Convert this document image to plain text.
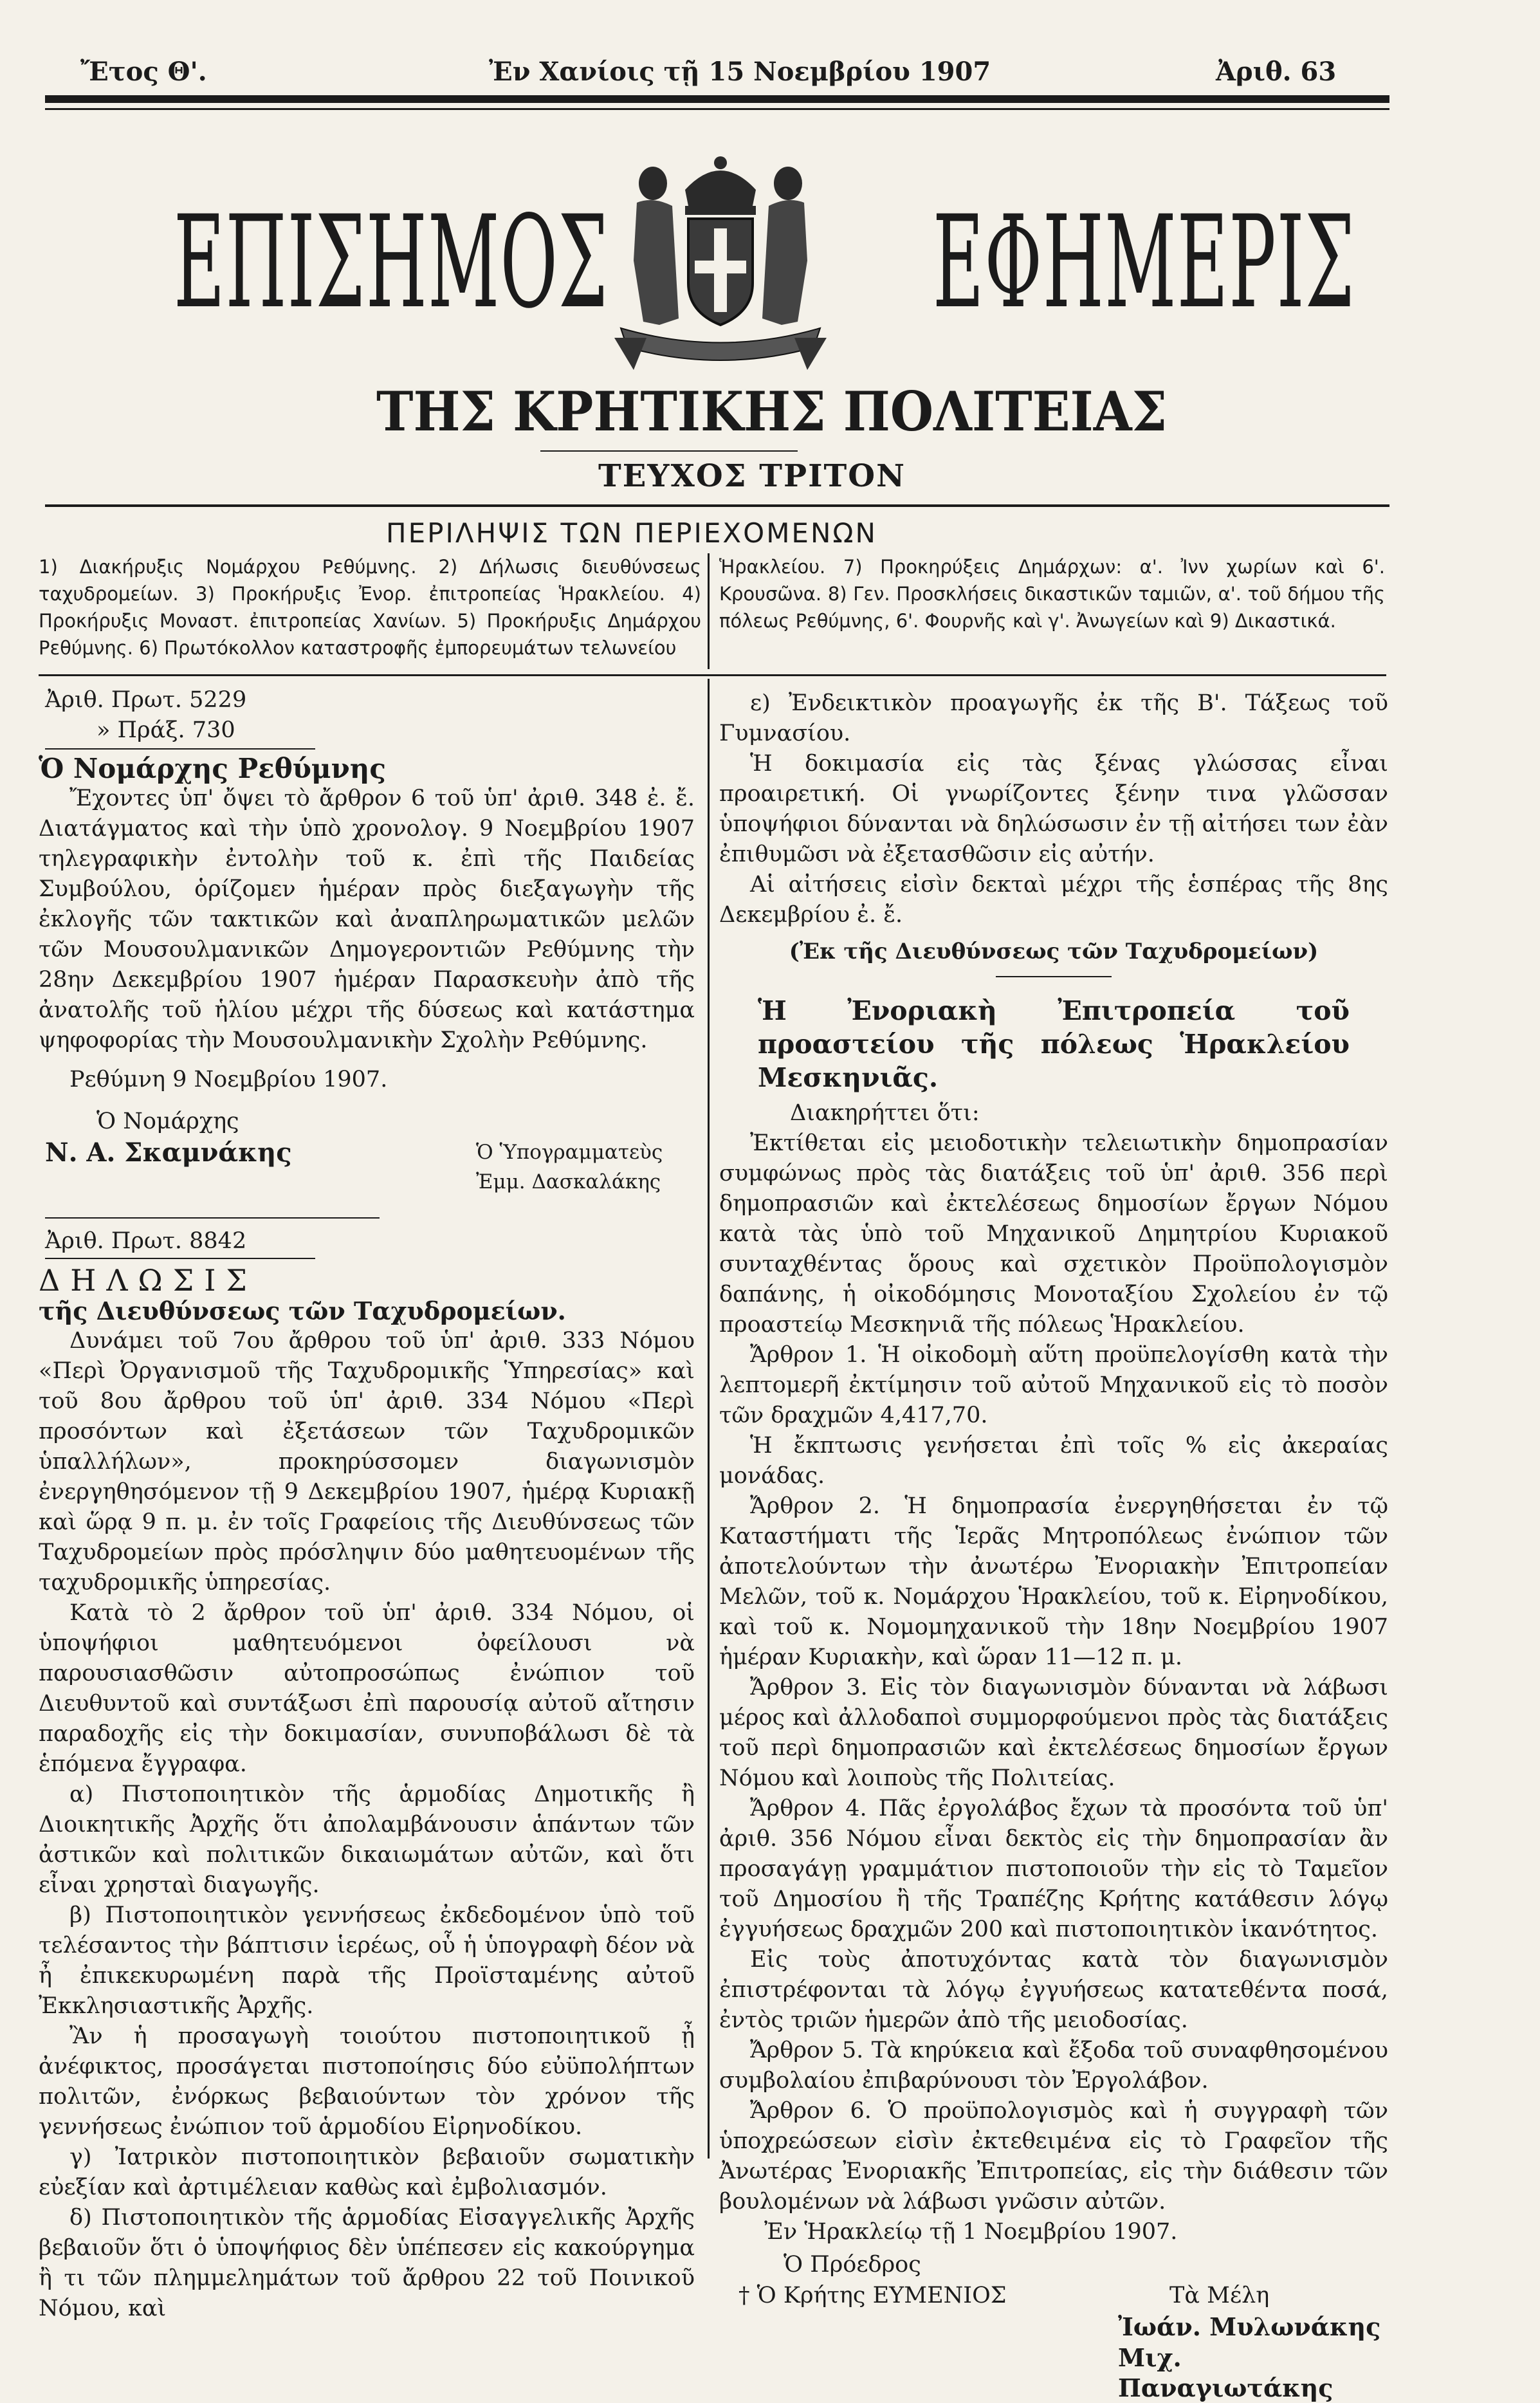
Ἔτος Θ'.	Ἐν Χανίοις τῇ 15 Νοεμβρίου 1907	Ἀριθ. 63
ΕΠΙΣΗΜΟΣ	ΕΦΗΜΕΡΙΣ
ΤΗΣ ΚΡΗΤΙΚΗΣ ΠΟΛΙΤΕΙΑΣ
ΤΕΥΧΟΣ ΤΡΙΤΟΝ
ΠΕΡΙΛΗΨΙΣ ΤΩΝ ΠΕΡΙΕΧΟΜΕΝΩΝ
1) Διακήρυξις Νομάρχου Ρεθύμνης. 2) Δήλωσις διευθύνσεως ταχυδρομείων. 3) Προκήρυξις Ἐνορ. ἐπιτροπείας Ἡρακλείου. 4) Προκήρυξις Μοναστ. ἐπιτροπείας Χανίων. 5) Προκήρυξις Δημάρχου Ρεθύμνης. 6) Πρωτόκολλον καταστροφῆς ἐμπορευμάτων τελωνείου
Ἡρακλείου. 7) Προκηρύξεις Δημάρχων: α'. Ἰνν χωρίων καὶ 6'. Κρουσῶνα. 8) Γεν. Προσκλήσεις δικαστικῶν ταμιῶν, α'. τοῦ δήμου τῆς πόλεως Ρεθύμνης, 6'. Φουρνῆς καὶ γ'. Ἀνωγείων καὶ 9) Δικαστικά.

Ἀριθ. Πρωτ. 5229

» Πράξ. 730

Ὁ Νομάρχης Ρεθύμνης

Ἔχοντες ὑπ' ὄψει τὸ ἄρθρον 6 τοῦ ὑπ' ἀριθ. 348 ἐ. ἔ. Διατάγματος καὶ τὴν ὑπὸ χρονολογ. 9 Νοεμβρίου 1907 τηλεγραφικὴν ἐντολὴν τοῦ κ. ἐπὶ τῆς Παιδείας Συμβούλου, ὁρίζομεν ἡμέραν πρὸς διεξαγωγὴν τῆς ἐκλογῆς τῶν τακτικῶν καὶ ἀναπληρωματικῶν μελῶν τῶν Μουσουλμανικῶν Δημογεροντιῶν Ρεθύμνης τὴν 28ην Δεκεμβρίου 1907 ἡμέραν Παρασκευὴν ἀπὸ τῆς ἀνατολῆς τοῦ ἡλίου μέχρι τῆς δύσεως καὶ κατάστημα ψηφοφορίας τὴν Μουσουλμανικὴν Σχολὴν Ρεθύμνης.

Ρεθύμνη 9 Νοεμβρίου 1907.

Ὁ Νομάρχης
Ν. Α. Σκαμνάκης	Ὁ Ὑπογραμματεὺς
Ἐμμ. Δασκαλάκης

Ἀριθ. Πρωτ. 8842

ΔΗΛΩΣΙΣ

τῆς Διευθύνσεως τῶν Ταχυδρομείων.

Δυνάμει τοῦ 7ου ἄρθρου τοῦ ὑπ' ἀριθ. 333 Νόμου «Περὶ Ὀργανισμοῦ τῆς Ταχυδρομικῆς Ὑπηρεσίας» καὶ τοῦ 8ου ἄρθρου τοῦ ὑπ' ἀριθ. 334 Νόμου «Περὶ προσόντων καὶ ἐξετάσεων τῶν Ταχυδρομικῶν ὑπαλλήλων», προκηρύσσομεν διαγωνισμὸν ἐνεργηθησόμενον τῇ 9 Δεκεμβρίου 1907, ἡμέρᾳ Κυριακῇ καὶ ὥρᾳ 9 π. μ. ἐν τοῖς Γραφείοις τῆς Διευθύνσεως τῶν Ταχυδρομείων πρὸς πρόσληψιν δύο μαθητευομένων τῆς ταχυδρομικῆς ὑπηρεσίας.

Κατὰ τὸ 2 ἄρθρον τοῦ ὑπ' ἀριθ. 334 Νόμου, οἱ ὑποψήφιοι μαθητευόμενοι ὀφείλουσι νὰ παρουσιασθῶσιν αὐτοπροσώπως ἐνώπιον τοῦ Διευθυντοῦ καὶ συντάξωσι ἐπὶ παρουσίᾳ αὐτοῦ αἴτησιν παραδοχῆς εἰς τὴν δοκιμασίαν, συνυποβάλωσι δὲ τὰ ἑπόμενα ἔγγραφα.

α) Πιστοποιητικὸν τῆς ἁρμοδίας Δημοτικῆς ἢ Διοικητικῆς Ἀρχῆς ὅτι ἀπολαμβάνουσιν ἁπάντων τῶν ἀστικῶν καὶ πολιτικῶν δικαιωμάτων αὐτῶν, καὶ ὅτι εἶναι χρησταὶ διαγωγῆς.

β) Πιστοποιητικὸν γεννήσεως ἐκδεδομένον ὑπὸ τοῦ τελέσαντος τὴν βάπτισιν ἱερέως, οὗ ἡ ὑπογραφὴ δέον νὰ ἦ ἐπικεκυρωμένη παρὰ τῆς Προϊσταμένης αὐτοῦ Ἐκκλησιαστικῆς Ἀρχῆς.

Ἂν ἡ προσαγωγὴ τοιούτου πιστοποιητικοῦ ᾖ ἀνέφικτος, προσάγεται πιστοποίησις δύο εὐϋπολήπτων πολιτῶν, ἐνόρκως βεβαιούντων τὸν χρόνον τῆς γεννήσεως ἐνώπιον τοῦ ἁρμοδίου Εἰρηνοδίκου.

γ) Ἰατρικὸν πιστοποιητικὸν βεβαιοῦν σωματικὴν εὐεξίαν καὶ ἀρτιμέλειαν καθὼς καὶ ἐμβολιασμόν.

δ) Πιστοποιητικὸν τῆς ἁρμοδίας Εἰσαγγελικῆς Ἀρχῆς βεβαιοῦν ὅτι ὁ ὑποψήφιος δὲν ὑπέπεσεν εἰς κακούργημα ἢ τι τῶν πλημμελημάτων τοῦ ἄρθρου 22 τοῦ Ποινικοῦ Νόμου, καὶ

ε) Ἐνδεικτικὸν προαγωγῆς ἐκ τῆς Β'. Τάξεως τοῦ Γυμνασίου.

Ἡ δοκιμασία εἰς τὰς ξένας γλώσσας εἶναι προαιρετική. Οἱ γνωρίζοντες ξένην τινα γλῶσσαν ὑποψήφιοι δύνανται νὰ δηλώσωσιν ἐν τῇ αἰτήσει των ἐὰν ἐπιθυμῶσι νὰ ἐξετασθῶσιν εἰς αὐτήν.

Αἱ αἰτήσεις εἰσὶν δεκταὶ μέχρι τῆς ἑσπέρας τῆς 8ης Δεκεμβρίου ἐ. ἔ.

(Ἐκ τῆς Διευθύνσεως τῶν Ταχυδρομείων)

Ἡ Ἐνοριακὴ Ἐπιτροπεία τοῦ προαστείου τῆς πόλεως Ἡρακλείου Μεσκηνιᾶς.

Διακηρήττει ὅτι:

Ἐκτίθεται εἰς μειοδοτικὴν τελειωτικὴν δημοπρασίαν συμφώνως πρὸς τὰς διατάξεις τοῦ ὑπ' ἀριθ. 356 περὶ δημοπρασιῶν καὶ ἐκτελέσεως δημοσίων ἔργων Νόμου κατὰ τὰς ὑπὸ τοῦ Μηχανικοῦ Δημητρίου Κυριακοῦ συνταχθέντας ὅρους καὶ σχετικὸν Προϋπολογισμὸν δαπάνης, ἡ οἰκοδόμησις Μονοταξίου Σχολείου ἐν τῷ προαστείῳ Μεσκηνιᾶ τῆς πόλεως Ἡρακλείου.

Ἄρθρον 1. Ἡ οἰκοδομὴ αὕτη προϋπελογίσθη κατὰ τὴν λεπτομερῆ ἐκτίμησιν τοῦ αὐτοῦ Μηχανικοῦ εἰς τὸ ποσὸν τῶν δραχμῶν 4,417,70.

Ἡ ἔκπτωσις γενήσεται ἐπὶ τοῖς % εἰς ἀκεραίας μονάδας.

Ἄρθρον 2. Ἡ δημοπρασία ἐνεργηθήσεται ἐν τῷ Καταστήματι τῆς Ἱερᾶς Μητροπόλεως ἐνώπιον τῶν ἀποτελούντων τὴν ἀνωτέρω Ἐνοριακὴν Ἐπιτροπείαν Μελῶν, τοῦ κ. Νομάρχου Ἡρακλείου, τοῦ κ. Εἰρηνοδίκου, καὶ τοῦ κ. Νομομηχανικοῦ τὴν 18ην Νοεμβρίου 1907 ἡμέραν Κυριακὴν, καὶ ὥραν 11—12 π. μ.

Ἄρθρον 3. Εἰς τὸν διαγωνισμὸν δύνανται νὰ λάβωσι μέρος καὶ ἀλλοδαποὶ συμμορφούμενοι πρὸς τὰς διατάξεις τοῦ περὶ δημοπρασιῶν καὶ ἐκτελέσεως δημοσίων ἔργων Νόμου καὶ λοιποὺς τῆς Πολιτείας.

Ἄρθρον 4. Πᾶς ἐργολάβος ἔχων τὰ προσόντα τοῦ ὑπ' ἀριθ. 356 Νόμου εἶναι δεκτὸς εἰς τὴν δημοπρασίαν ἂν προσαγάγῃ γραμμάτιον πιστοποιοῦν τὴν εἰς τὸ Ταμεῖον τοῦ Δημοσίου ἢ τῆς Τραπέζης Κρήτης κατάθεσιν λόγῳ ἐγγυήσεως δραχμῶν 200 καὶ πιστοποιητικὸν ἱκανότητος.

Εἰς τοὺς ἀποτυχόντας κατὰ τὸν διαγωνισμὸν ἐπιστρέφονται τὰ λόγῳ ἐγγυήσεως κατατεθέντα ποσά, ἐντὸς τριῶν ἡμερῶν ἀπὸ τῆς μειοδοσίας.

Ἄρθρον 5. Τὰ κηρύκεια καὶ ἔξοδα τοῦ συναφθησομένου συμβολαίου ἐπιβαρύνουσι τὸν Ἐργολάβον.

Ἄρθρον 6. Ὁ προϋπολογισμὸς καὶ ἡ συγγραφὴ τῶν ὑποχρεώσεων εἰσὶν ἐκτεθειμένα εἰς τὸ Γραφεῖον τῆς Ἀνωτέρας Ἐνοριακῆς Ἐπιτροπείας, εἰς τὴν διάθεσιν τῶν βουλομένων νὰ λάβωσι γνῶσιν αὐτῶν.

Ἐν Ἡρακλείῳ τῇ 1 Νοεμβρίου 1907.

Ὁ Πρόεδρος
† Ὁ Κρήτης ΕΥΜΕΝΙΟΣ	Τὰ Μέλη
Ἰωάν. Μυλωνάκης
Μιχ. Παναγιωτάκης
